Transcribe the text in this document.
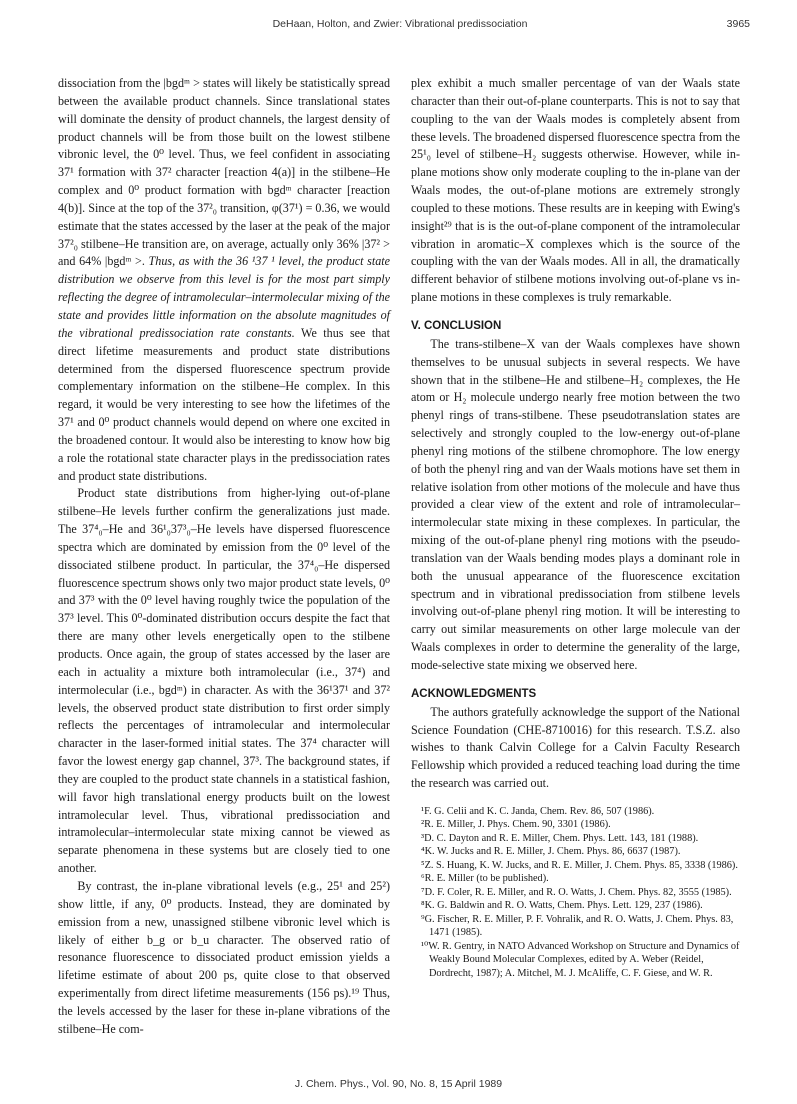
DeHaan, Holton, and Zwier: Vibrational predissociation	3965

dissociation from the |bgdᵐ > states will likely be statistically spread between the available product channels. Since translational states will dominate the density of product channels, the largest density of product channels will be from those built on the lowest stilbene vibronic level, the 0⁰ level. Thus, we feel confident in associating 37¹ formation with 37² character [reaction 4(a)] in the stilbene–He complex and 0⁰ product formation with bgdᵐ character [reaction 4(b)]. Since at the top of the 37²₀ transition, φ(37¹) = 0.36, we would estimate that the states accessed by the laser at the peak of the major 37²₀ stilbene–He transition are, on average, actually only 36% |37² > and 64% |bgdᵐ >. Thus, as with the 36 ¹37 ¹ level, the product state distribution we observe from this level is for the most part simply reflecting the degree of intramolecular–intermolecular mixing of the state and provides little information on the absolute magnitudes of the vibrational predissociation rate constants. We thus see that direct lifetime measurements and product state distributions determined from the dispersed fluorescence spectrum provide complementary information on the stilbene–He complex. In this regard, it would be very interesting to see how the lifetimes of the 37¹ and 0⁰ product channels would depend on where one excited in the broadened contour. It would also be interesting to know how big a role the rotational state character plays in the predissociation rates and product state distributions.

Product state distributions from higher-lying out-of-plane stilbene–He levels further confirm the generalizations just made. The 37⁴₀–He and 36¹₀37³₀–He levels have dispersed fluorescence spectra which are dominated by emission from the 0⁰ level of the dissociated stilbene product. In particular, the 37⁴₀–He dispersed fluorescence spectrum shows only two major product state levels, 0⁰ and 37³ with the 0⁰ level having roughly twice the population of the 37³ level. This 0⁰-dominated distribution occurs despite the fact that there are many other levels energetically open to the stilbene products. Once again, the group of states accessed by the laser are each in actuality a mixture both intramolecular (i.e., 37⁴) and intermolecular (i.e., bgdᵐ) in character. As with the 36¹37¹ and 37² levels, the observed product state distribution to first order simply reflects the percentages of intramolecular and intermolecular character in the laser-formed initial states. The 37⁴ character will favor the lowest energy gap channel, 37³. The background states, if they are coupled to the product state channels in a statistical fashion, will favor high translational energy products built on the lowest intramolecular level. Thus, vibrational predissociation and intramolecular–intermolecular state mixing cannot be viewed as separate phenomena in these systems but are closely tied to one another.

By contrast, the in-plane vibrational levels (e.g., 25¹ and 25²) show little, if any, 0⁰ products. Instead, they are dominated by emission from a new, unassigned stilbene vibronic level which is likely of either b_g or b_u character. The observed ratio of resonance fluorescence to dissociated product emission yields a lifetime estimate of about 200 ps, quite close to that observed experimentally from direct lifetime measurements (156 ps).¹⁹ Thus, the levels accessed by the laser for these in-plane vibrations of the stilbene–He com-

plex exhibit a much smaller percentage of van der Waals state character than their out-of-plane counterparts. This is not to say that coupling to the van der Waals modes is completely absent from these levels. The broadened dispersed fluorescence spectra from the 25¹₀ level of stilbene–H₂ suggests otherwise. However, while in-plane motions show only moderate coupling to the in-plane van der Waals modes, the out-of-plane motions are extremely strongly coupled to these motions. These results are in keeping with Ewing's insight²⁹ that is is the out-of-plane component of the intramolecular vibration in aromatic–X complexes which is the source of the coupling with the van der Waals modes. All in all, the dramatically different behavior of stilbene motions involving out-of-plane vs in-plane motions in these complexes is truly remarkable.

V. CONCLUSION

The trans-stilbene–X van der Waals complexes have shown themselves to be unusual subjects in several respects. We have shown that in the stilbene–He and stilbene–H₂ complexes, the He atom or H₂ molecule undergo nearly free motion between the two phenyl rings of trans-stilbene. These pseudotranslation states are selectively and strongly coupled to the low-energy out-of-plane phenyl ring motions of the stilbene chromophore. The low energy of both the phenyl ring and van der Waals motions have set them in relative isolation from other motions of the molecule and have thus provided a clear view of the extent and role of intramolecular–intermolecular state mixing in these complexes. In particular, the mixing of the out-of-plane phenyl ring motions with the pseudo-translation van der Waals bending modes plays a dominant role in both the unusual appearance of the fluorescence excitation spectrum and in vibrational predissociation from stilbene levels involving out-of-plane phenyl ring motion. It will be interesting to carry out similar measurements on other large molecule van der Waals complexes in order to determine the generality of the large, mode-selective state mixing we observed here.

ACKNOWLEDGMENTS

The authors gratefully acknowledge the support of the National Science Foundation (CHE-8710016) for this research. T.S.Z. also wishes to thank Calvin College for a Calvin Faculty Research Fellowship which provided a reduced teaching load during the time the research was carried out.

¹F. G. Celii and K. C. Janda, Chem. Rev. 86, 507 (1986).

²R. E. Miller, J. Phys. Chem. 90, 3301 (1986).

³D. C. Dayton and R. E. Miller, Chem. Phys. Lett. 143, 181 (1988).

⁴K. W. Jucks and R. E. Miller, J. Chem. Phys. 86, 6637 (1987).

⁵Z. S. Huang, K. W. Jucks, and R. E. Miller, J. Chem. Phys. 85, 3338 (1986).

⁶R. E. Miller (to be published).

⁷D. F. Coler, R. E. Miller, and R. O. Watts, J. Chem. Phys. 82, 3555 (1985).

⁸K. G. Baldwin and R. O. Watts, Chem. Phys. Lett. 129, 237 (1986).

⁹G. Fischer, R. E. Miller, P. F. Vohralik, and R. O. Watts, J. Chem. Phys. 83, 1471 (1985).

¹⁰W. R. Gentry, in NATO Advanced Workshop on Structure and Dynamics of Weakly Bound Molecular Complexes, edited by A. Weber (Reidel, Dordrecht, 1987); A. Mitchel, M. J. McAliffe, C. F. Giese, and W. R.

J. Chem. Phys., Vol. 90, No. 8, 15 April 1989
